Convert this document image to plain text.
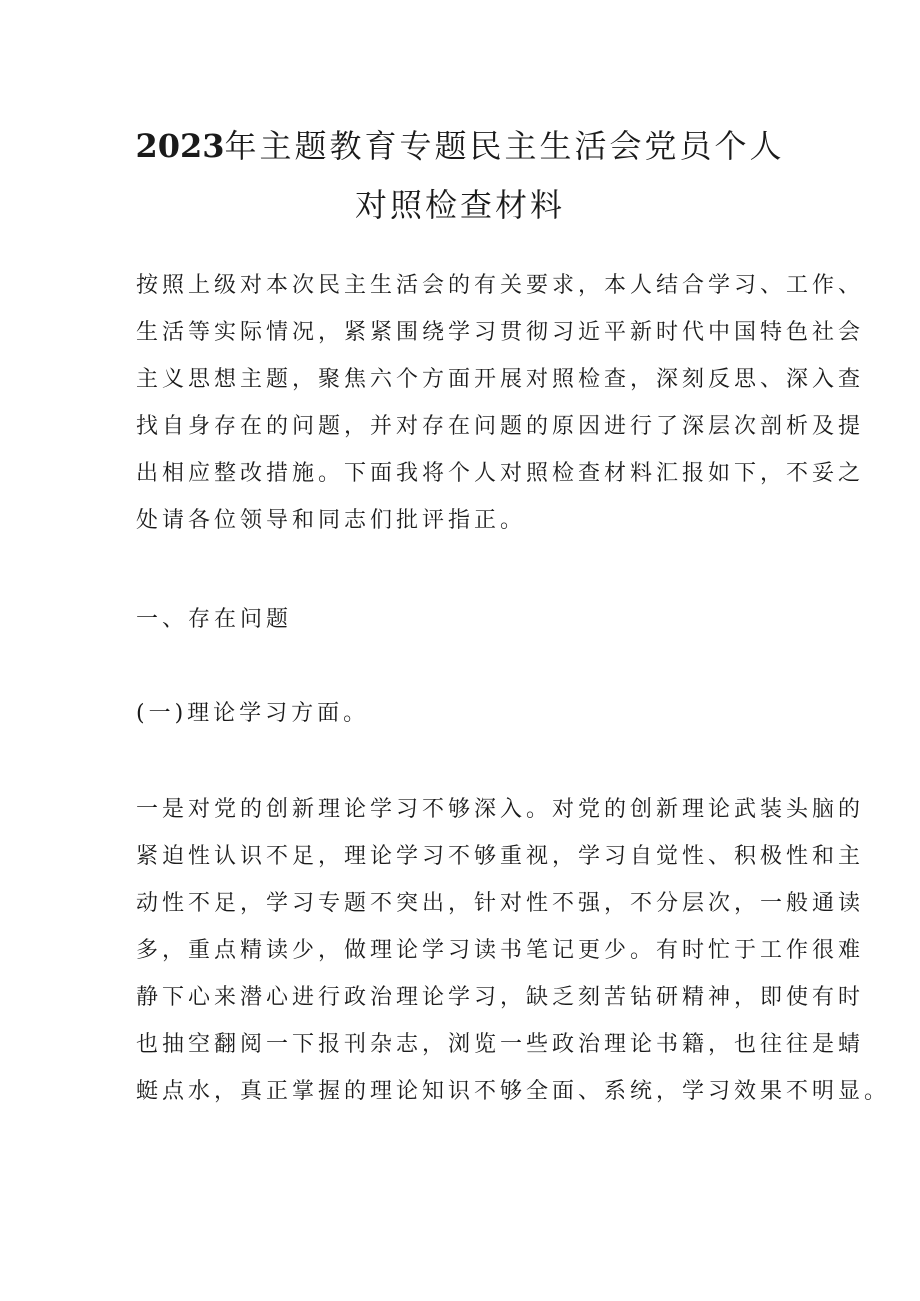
2023年主题教育专题民主生活会党员个人
对照检查材料
按照上级对本次民主生活会的有关要求，本人结合学习、工作、
生活等实际情况，紧紧围绕学习贯彻习近平新时代中国特色社会
主义思想主题，聚焦六个方面开展对照检查，深刻反思、深入查
找自身存在的问题，并对存在问题的原因进行了深层次剖析及提
出相应整改措施。下面我将个人对照检查材料汇报如下，不妥之
处请各位领导和同志们批评指正。
一、存在问题
(一)理论学习方面。
一是对党的创新理论学习不够深入。对党的创新理论武装头脑的
紧迫性认识不足，理论学习不够重视，学习自觉性、积极性和主
动性不足，学习专题不突出，针对性不强，不分层次，一般通读
多，重点精读少，做理论学习读书笔记更少。有时忙于工作很难
静下心来潜心进行政治理论学习，缺乏刻苦钻研精神，即使有时
也抽空翻阅一下报刊杂志，浏览一些政治理论书籍，也往往是蜻
蜓点水，真正掌握的理论知识不够全面、系统，学习效果不明显。
